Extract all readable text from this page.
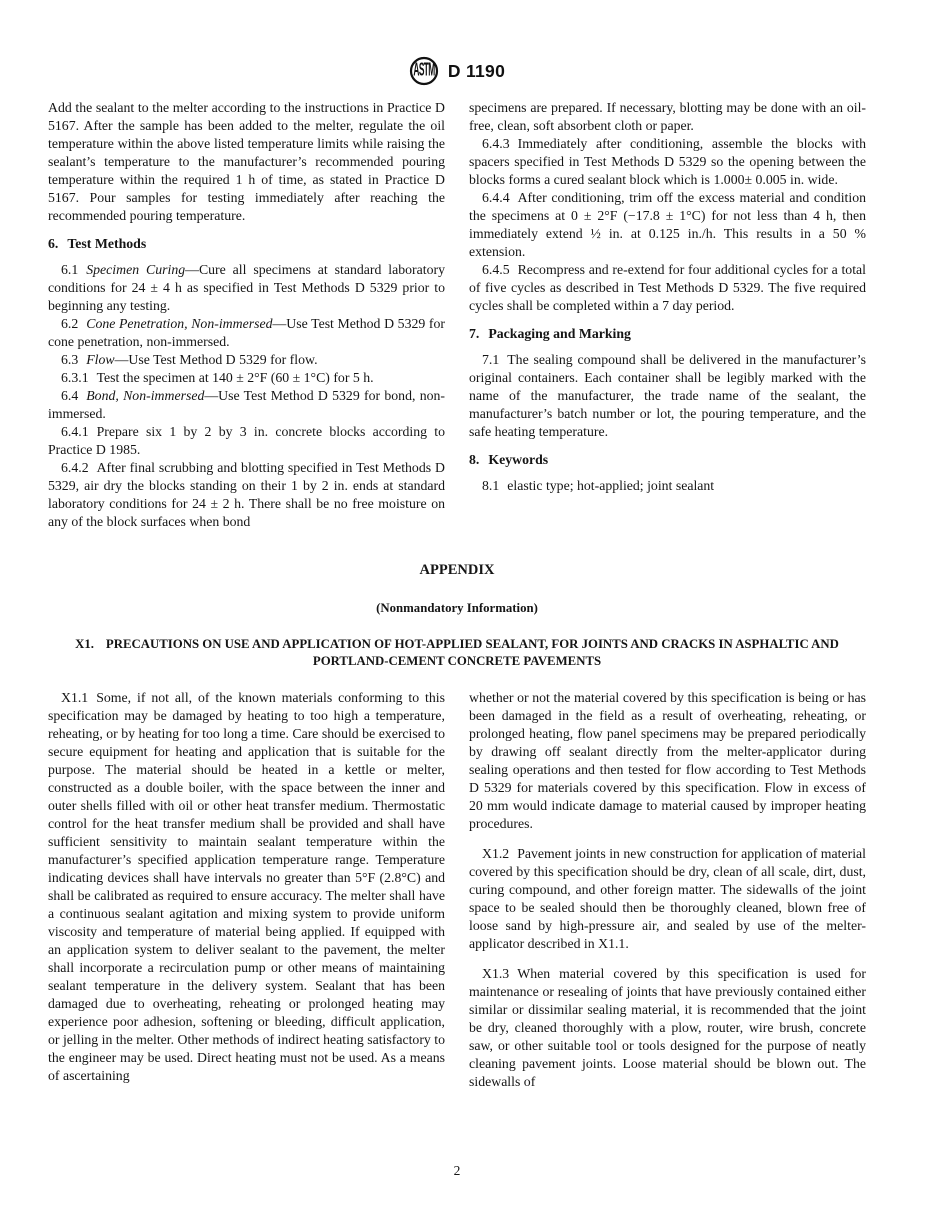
ASTM D 1190

Add the sealant to the melter according to the instructions in Practice D 5167. After the sample has been added to the melter, regulate the oil temperature within the above listed temperature limits while raising the sealant’s temperature to the manufacturer’s recommended pouring temperature within the required 1 h of time, as stated in Practice D 5167. Pour samples for testing immediately after reaching the recommended pouring temperature.

6. Test Methods

6.1 Specimen Curing—Cure all specimens at standard laboratory conditions for 24 ± 4 h as specified in Test Methods D 5329 prior to beginning any testing.

6.2 Cone Penetration, Non-immersed—Use Test Method D 5329 for cone penetration, non-immersed.

6.3 Flow—Use Test Method D 5329 for flow.

6.3.1 Test the specimen at 140 ± 2°F (60 ± 1°C) for 5 h.

6.4 Bond, Non-immersed—Use Test Method D 5329 for bond, non-immersed.

6.4.1 Prepare six 1 by 2 by 3 in. concrete blocks according to Practice D 1985.

6.4.2 After final scrubbing and blotting specified in Test Methods D 5329, air dry the blocks standing on their 1 by 2 in. ends at standard laboratory conditions for 24 ± 2 h. There shall be no free moisture on any of the block surfaces when bond

specimens are prepared. If necessary, blotting may be done with an oil-free, clean, soft absorbent cloth or paper.

6.4.3 Immediately after conditioning, assemble the blocks with spacers specified in Test Methods D 5329 so the opening between the blocks forms a cured sealant block which is 1.000± 0.005 in. wide.

6.4.4 After conditioning, trim off the excess material and condition the specimens at 0 ± 2°F (−17.8 ± 1°C) for not less than 4 h, then immediately extend ½ in. at 0.125 in./h. This results in a 50 % extension.

6.4.5 Recompress and re-extend for four additional cycles for a total of five cycles as described in Test Methods D 5329. The five required cycles shall be completed within a 7 day period.

7. Packaging and Marking

7.1 The sealing compound shall be delivered in the manufacturer’s original containers. Each container shall be legibly marked with the name of the manufacturer, the trade name of the sealant, the manufacturer’s batch number or lot, the pouring temperature, and the safe heating temperature.

8. Keywords

8.1 elastic type; hot-applied; joint sealant

APPENDIX
(Nonmandatory Information)
X1. PRECAUTIONS ON USE AND APPLICATION OF HOT-APPLIED SEALANT, FOR JOINTS AND CRACKS IN ASPHALTIC AND PORTLAND-CEMENT CONCRETE PAVEMENTS

X1.1 Some, if not all, of the known materials conforming to this specification may be damaged by heating to too high a temperature, reheating, or by heating for too long a time. Care should be exercised to secure equipment for heating and application that is suitable for the purpose. The material should be heated in a kettle or melter, constructed as a double boiler, with the space between the inner and outer shells filled with oil or other heat transfer medium. Thermostatic control for the heat transfer medium shall be provided and shall have sufficient sensitivity to maintain sealant temperature within the manufacturer’s specified application temperature range. Temperature indicating devices shall have intervals no greater than 5°F (2.8°C) and shall be calibrated as required to ensure accuracy. The melter shall have a continuous sealant agitation and mixing system to provide uniform viscosity and temperature of material being applied. If equipped with an application system to deliver sealant to the pavement, the melter shall incorporate a recirculation pump or other means of maintaining sealant temperature in the delivery system. Sealant that has been damaged due to overheating, reheating or prolonged heating may experience poor adhesion, softening or bleeding, difficult application, or jelling in the melter. Other methods of indirect heating satisfactory to the engineer may be used. Direct heating must not be used. As a means of ascertaining

whether or not the material covered by this specification is being or has been damaged in the field as a result of overheating, reheating, or prolonged heating, flow panel specimens may be prepared periodically by drawing off sealant directly from the melter-applicator during sealing operations and then tested for flow according to Test Methods D 5329 for materials covered by this specification. Flow in excess of 20 mm would indicate damage to material caused by improper heating procedures.

X1.2 Pavement joints in new construction for application of material covered by this specification should be dry, clean of all scale, dirt, dust, curing compound, and other foreign matter. The sidewalls of the joint space to be sealed should then be thoroughly cleaned, blown free of loose sand by high-pressure air, and sealed by use of the melter-applicator described in X1.1.

X1.3 When material covered by this specification is used for maintenance or resealing of joints that have previously contained either similar or dissimilar sealing material, it is recommended that the joint be dry, cleaned thoroughly with a plow, router, wire brush, concrete saw, or other suitable tool or tools designed for the purpose of neatly cleaning pavement joints. Loose material should be blown out. The sidewalls of

2
